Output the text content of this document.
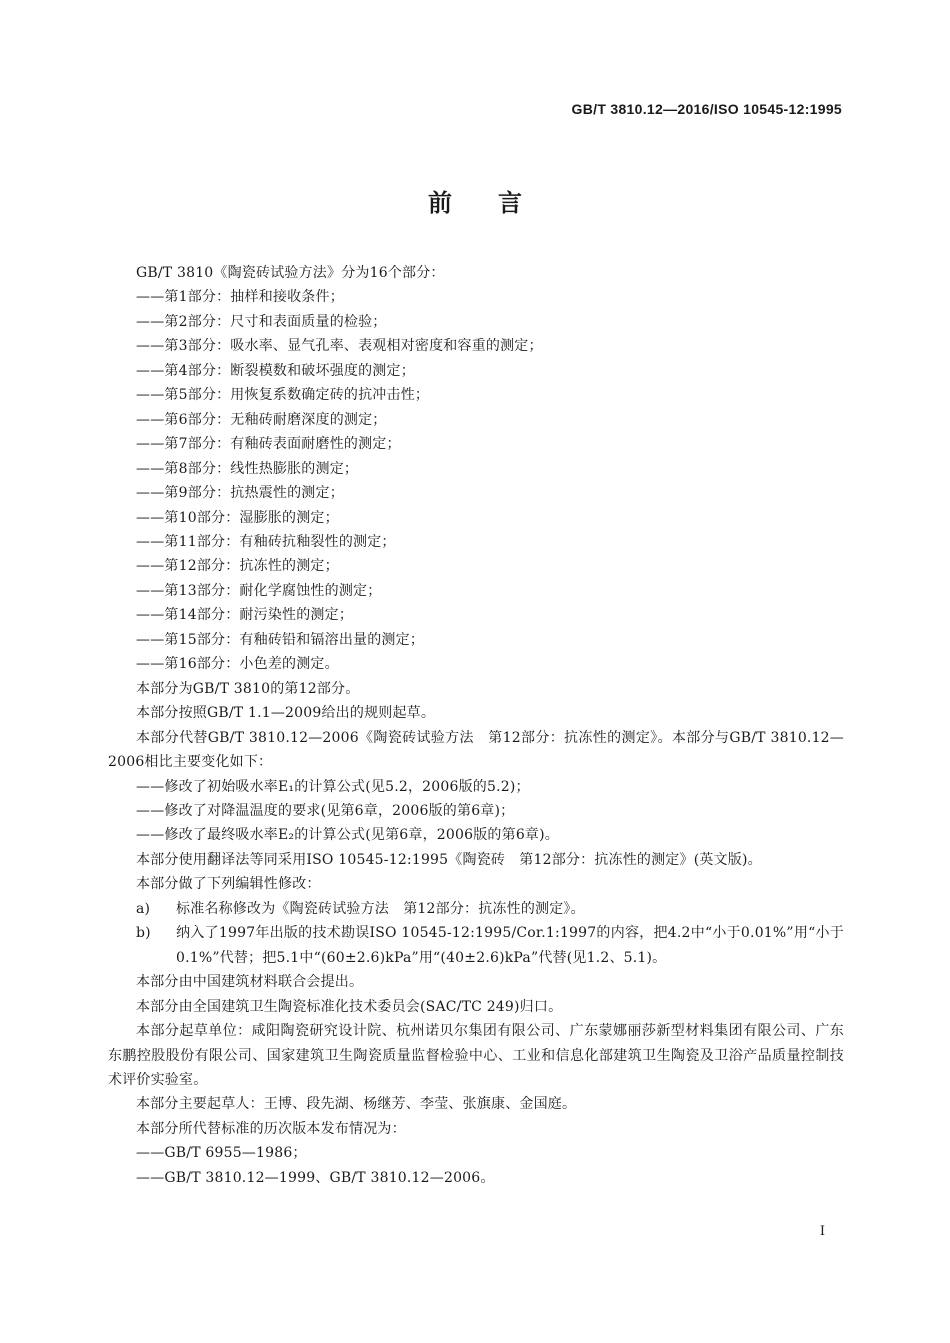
GB/T 3810.12—2016/ISO 10545-12:1995
前言

GB/T 3810《陶瓷砖试验方法》分为16个部分：

——第1部分：抽样和接收条件；

——第2部分：尺寸和表面质量的检验；

——第3部分：吸水率、显气孔率、表观相对密度和容重的测定；

——第4部分：断裂模数和破坏强度的测定；

——第5部分：用恢复系数确定砖的抗冲击性；

——第6部分：无釉砖耐磨深度的测定；

——第7部分：有釉砖表面耐磨性的测定；

——第8部分：线性热膨胀的测定；

——第9部分：抗热震性的测定；

——第10部分：湿膨胀的测定；

——第11部分：有釉砖抗釉裂性的测定；

——第12部分：抗冻性的测定；

——第13部分：耐化学腐蚀性的测定；

——第14部分：耐污染性的测定；

——第15部分：有釉砖铅和镉溶出量的测定；

——第16部分：小色差的测定。

本部分为GB/T 3810的第12部分。

本部分按照GB/T 1.1—2009给出的规则起草。

本部分代替GB/T 3810.12—2006《陶瓷砖试验方法　第12部分：抗冻性的测定》。本部分与GB/T 3810.12—2006相比主要变化如下：

——修改了初始吸水率E₁的计算公式(见5.2，2006版的5.2)；

——修改了对降温温度的要求(见第6章，2006版的第6章)；

——修改了最终吸水率E₂的计算公式(见第6章，2006版的第6章)。

本部分使用翻译法等同采用ISO 10545-12:1995《陶瓷砖　第12部分：抗冻性的测定》(英文版)。

本部分做了下列编辑性修改：

a) 标准名称修改为《陶瓷砖试验方法　第12部分：抗冻性的测定》。

b) 纳入了1997年出版的技术勘误ISO 10545-12:1995/Cor.1:1997的内容，把4.2中“小于0.01%”用“小于0.1%”代替；把5.1中“(60±2.6)kPa”用“(40±2.6)kPa”代替(见1.2、5.1)。

本部分由中国建筑材料联合会提出。

本部分由全国建筑卫生陶瓷标准化技术委员会(SAC/TC 249)归口。

本部分起草单位：咸阳陶瓷研究设计院、杭州诺贝尔集团有限公司、广东蒙娜丽莎新型材料集团有限公司、广东东鹏控股股份有限公司、国家建筑卫生陶瓷质量监督检验中心、工业和信息化部建筑卫生陶瓷及卫浴产品质量控制技术评价实验室。

本部分主要起草人：王博、段先湖、杨继芳、李莹、张旗康、金国庭。

本部分所代替标准的历次版本发布情况为：

——GB/T 6955—1986；

——GB/T 3810.12—1999、GB/T 3810.12—2006。

I
